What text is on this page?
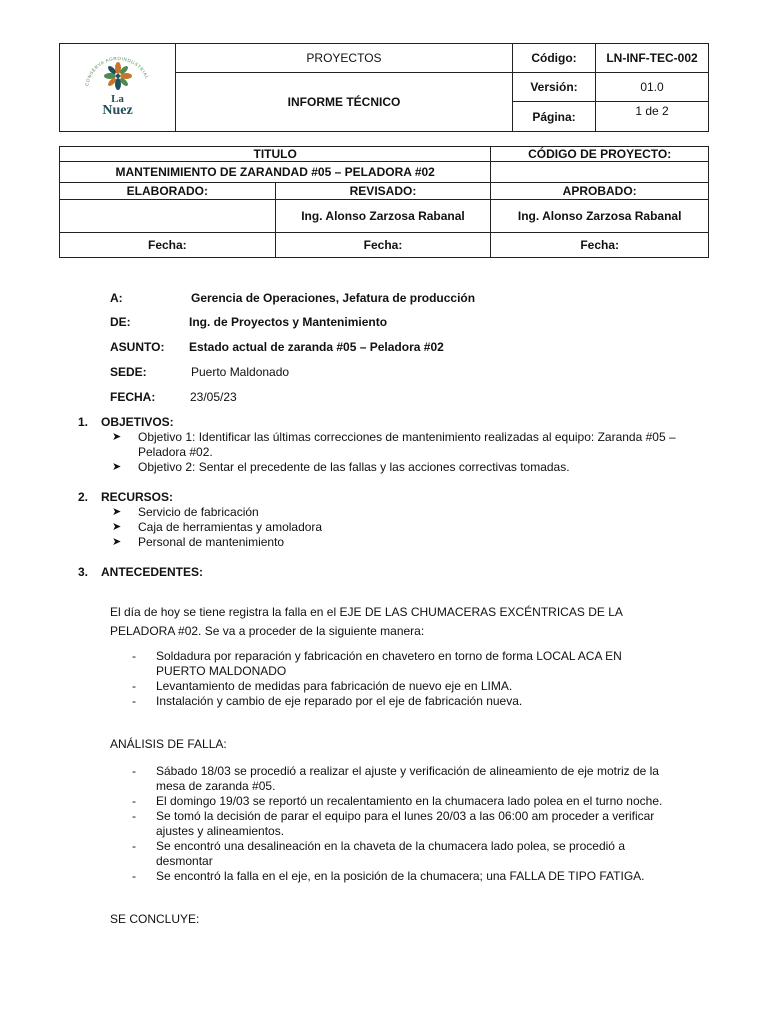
CONSERVA AGROINDUSTRIAL
La
Nuez	PROYECTOS	Código:	LN-INF-TEC-002
	INFORME TÉCNICO	Versión:	01.0
		Página:	1 de 2
TITULO		CÓDIGO DE PROYECTO:
MANTENIMIENTO DE ZARANDAD #05 – PELADORA #02		
ELABORADO:	REVISADO:	APROBADO:
	Ing. Alonso Zarzosa Rabanal	Ing. Alonso Zarzosa Rabanal
Fecha:	Fecha:	Fecha:
A:	Gerencia de Operaciones, Jefatura de producción
DE:	Ing. de Proyectos y Mantenimiento
ASUNTO: Estado actual de zaranda #05 – Peladora #02
SEDE:	Puerto Maldonado
FECHA:	23/05/23
1. OBJETIVOS:
➤ Objetivo 1: Identificar las últimas correcciones de mantenimiento realizadas al equipo: Zaranda #05 – Peladora #02.
➤ Objetivo 2: Sentar el precedente de las fallas y las acciones correctivas tomadas.
2. RECURSOS:
➤ Servicio de fabricación
➤ Caja de herramientas y amoladora
➤ Personal de mantenimiento
3. ANTECEDENTES:
El día de hoy se tiene registra la falla en el EJE DE LAS CHUMACERAS EXCÉNTRICAS DE LA PELADORA #02. Se va a proceder de la siguiente manera:
- Soldadura por reparación y fabricación en chavetero en torno de forma LOCAL ACA EN PUERTO MALDONADO
- Levantamiento de medidas para fabricación de nuevo eje en LIMA.
- Instalación y cambio de eje reparado por el eje de fabricación nueva.
ANÁLISIS DE FALLA:
- Sábado 18/03 se procedió a realizar el ajuste y verificación de alineamiento de eje motriz de la mesa de zaranda #05.
- El domingo 19/03 se reportó un recalentamiento en la chumacera lado polea en el turno noche.
- Se tomó la decisión de parar el equipo para el lunes 20/03 a las 06:00 am proceder a verificar ajustes y alineamientos.
- Se encontró una desalineación en la chaveta de la chumacera lado polea, se procedió a desmontar
- Se encontró la falla en el eje, en la posición de la chumacera; una FALLA DE TIPO FATIGA.
SE CONCLUYE:
